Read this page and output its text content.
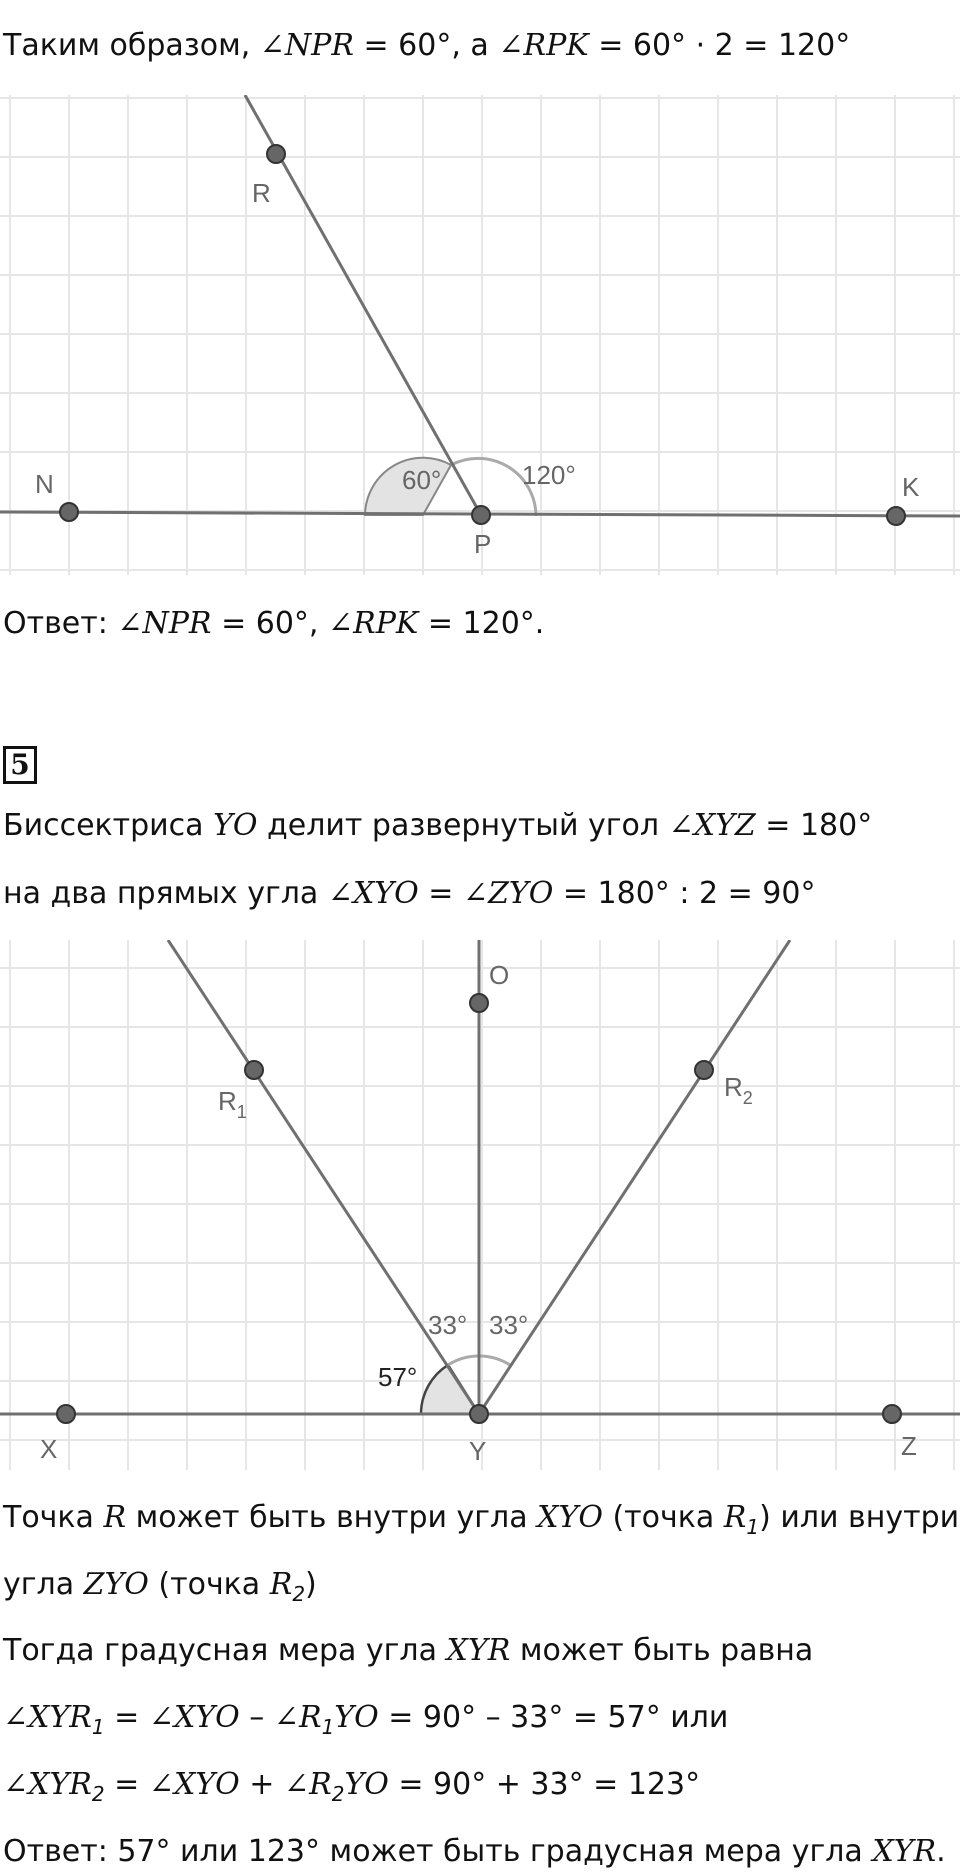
Таким образом, ∠NPR = 60°, а ∠RPK = 60° · 2 = 120°
R
N
P
K
60°	120°
Ответ: ∠NPR = 60°, ∠RPK = 120°.
5
Биссектриса YO делит развернутый угол ∠XYZ = 180°
на два прямых угла ∠XYO = ∠ZYO = 180° : 2 = 90°
O
$R_1$
$R_2$
X	Y	Z
33° 33°
57°
Точка R может быть внутри угла XYO (точка $R_1$) или внутри
угла ZYO (точка $R_2$)
Тогда градусная мера угла XYR может быть равна
$\angle XYR_1$ = ∠XYO – $\angle R_1YO = 90^\circ - 33^\circ = 57^\circ$ или
$\angle XYR_2$ = ∠XYO + $\angle R_2YO = 90^\circ + 33^\circ = 123^\circ$
Ответ: 57° или 123° может быть градусная мера угла XYR.
